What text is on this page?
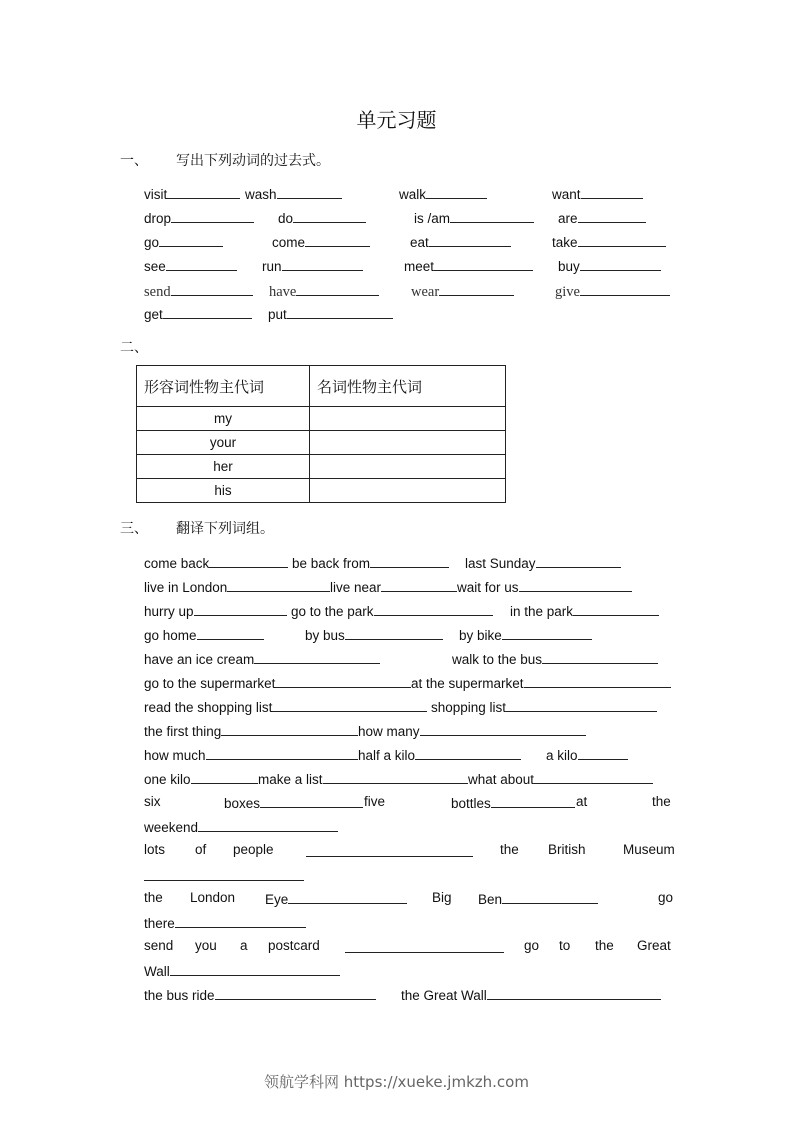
单元习题
一、 写出下列动词的过去式。
visit	wash	walk	want
drop	do	is /am	are
go	come	eat	take
see	run	meet	buy
send	have	wear	give
get	put
二、
形容词性物主代词	名词性物主代词
my	
your	
her	
his	
三、 翻译下列词组。
come back	be back from	last Sunday
live in London	live near	wait for us
hurry up	go to the park	in the park
go home	by bus	by bike
have an ice cream	walk to the bus
go to the supermarket	at the supermarket
read the shopping list	shopping list
the first thing	how many
how much	half a kilo	a kilo
one kilo	make a list	what about
six	boxes	five	bottles	at	the
weekend
lots of people	the British	Museum
the London Eye	Big Ben	go
there
send you a postcard	go to the Great
Wall
the bus ride	the Great Wall
领航学科网 https://xueke.jmkzh.com
